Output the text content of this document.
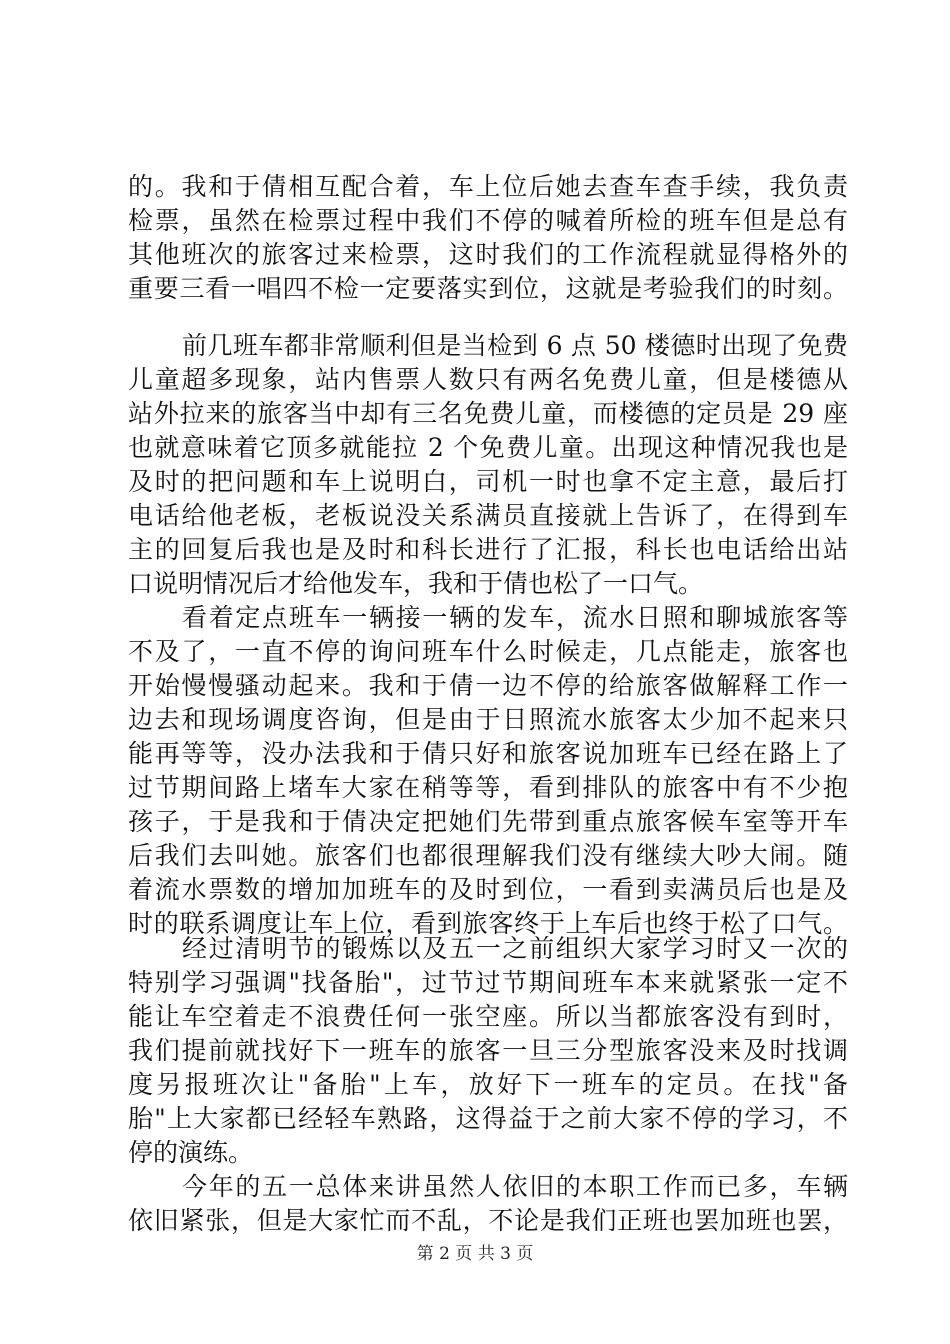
的。我和于倩相互配合着，车上位后她去查车查手续，我负责
检票，虽然在检票过程中我们不停的喊着所检的班车但是总有
其他班次的旅客过来检票，这时我们的工作流程就显得格外的
重要三看一唱四不检一定要落实到位，这就是考验我们的时刻。
前几班车都非常顺利但是当检到 6 点 50 楼德时出现了免费
儿童超多现象，站内售票人数只有两名免费儿童，但是楼德从
站外拉来的旅客当中却有三名免费儿童，而楼德的定员是 29 座
也就意味着它顶多就能拉 2 个免费儿童。出现这种情况我也是
及时的把问题和车上说明白，司机一时也拿不定主意，最后打
电话给他老板，老板说没关系满员直接就上告诉了，在得到车
主的回复后我也是及时和科长进行了汇报，科长也电话给出站
口说明情况后才给他发车，我和于倩也松了一口气。
看着定点班车一辆接一辆的发车，流水日照和聊城旅客等
不及了，一直不停的询问班车什么时候走，几点能走，旅客也
开始慢慢骚动起来。我和于倩一边不停的给旅客做解释工作一
边去和现场调度咨询，但是由于日照流水旅客太少加不起来只
能再等等，没办法我和于倩只好和旅客说加班车已经在路上了
过节期间路上堵车大家在稍等等，看到排队的旅客中有不少抱
孩子，于是我和于倩决定把她们先带到重点旅客候车室等开车
后我们去叫她。旅客们也都很理解我们没有继续大吵大闹。随
着流水票数的增加加班车的及时到位，一看到卖满员后也是及
时的联系调度让车上位，看到旅客终于上车后也终于松了口气。
经过清明节的锻炼以及五一之前组织大家学习时又一次的
特别学习强调"找备胎"，过节过节期间班车本来就紧张一定不
能让车空着走不浪费任何一张空座。所以当都旅客没有到时，
我们提前就找好下一班车的旅客一旦三分型旅客没来及时找调
度另报班次让"备胎"上车，放好下一班车的定员。在找"备
胎"上大家都已经轻车熟路，这得益于之前大家不停的学习，不
停的演练。
今年的五一总体来讲虽然人依旧的本职工作而已多，车辆
依旧紧张，但是大家忙而不乱，不论是我们正班也罢加班也罢，
第 2 页 共 3 页
